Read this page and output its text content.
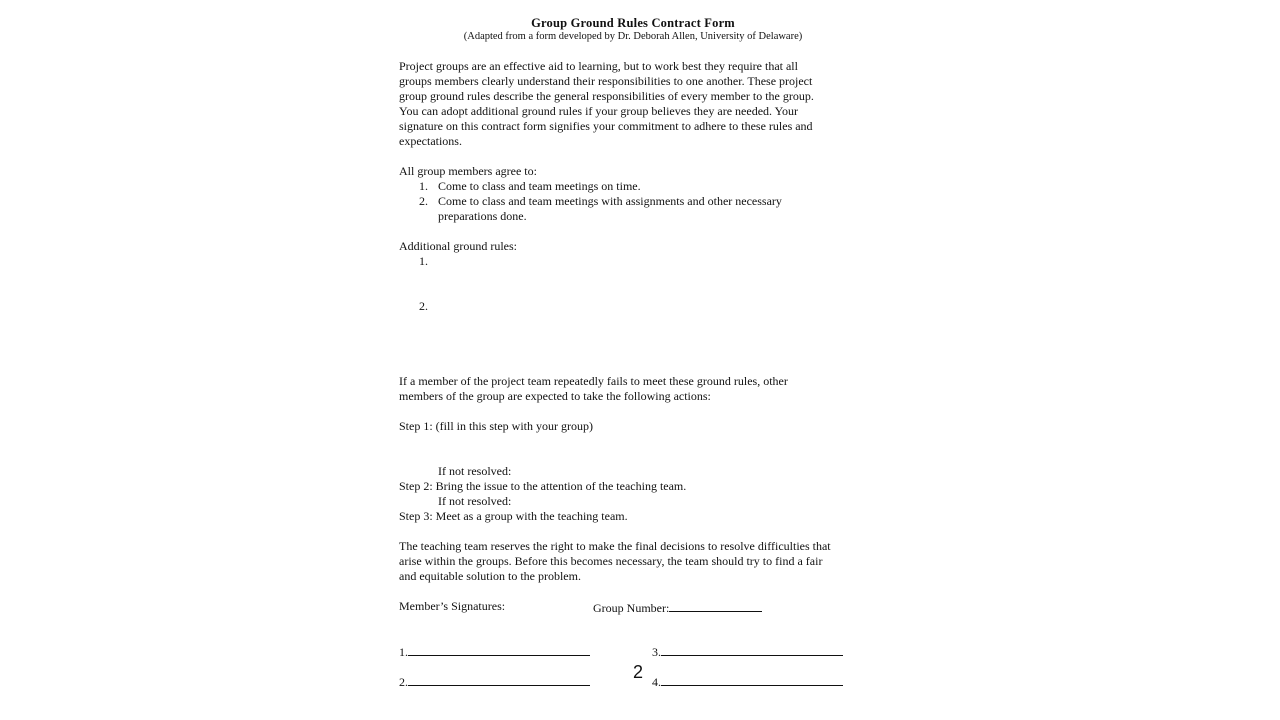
Group Ground Rules Contract Form
(Adapted from a form developed by Dr. Deborah Allen, University of Delaware)
Project groups are an effective aid to learning, but to work best they require that all
groups members clearly understand their responsibilities to one another. These project
group ground rules describe the general responsibilities of every member to the group.
You can adopt additional ground rules if your group believes they are needed. Your
signature on this contract form signifies your commitment to adhere to these rules and
expectations.
All group members agree to:
1. Come to class and team meetings on time.
2. Come to class and team meetings with assignments and other necessary
preparations done.
Additional ground rules:
1.
2.
If a member of the project team repeatedly fails to meet these ground rules, other
members of the group are expected to take the following actions:
Step 1: (fill in this step with your group)
If not resolved:
Step 2: Bring the issue to the attention of the teaching team.
If not resolved:
Step 3: Meet as a group with the teaching team.
The teaching team reserves the right to make the final decisions to resolve difficulties that
arise within the groups. Before this becomes necessary, the team should try to find a fair
and equitable solution to the problem.
Member’s Signatures:	Group Number:
1.
2.
3.
4.
2
